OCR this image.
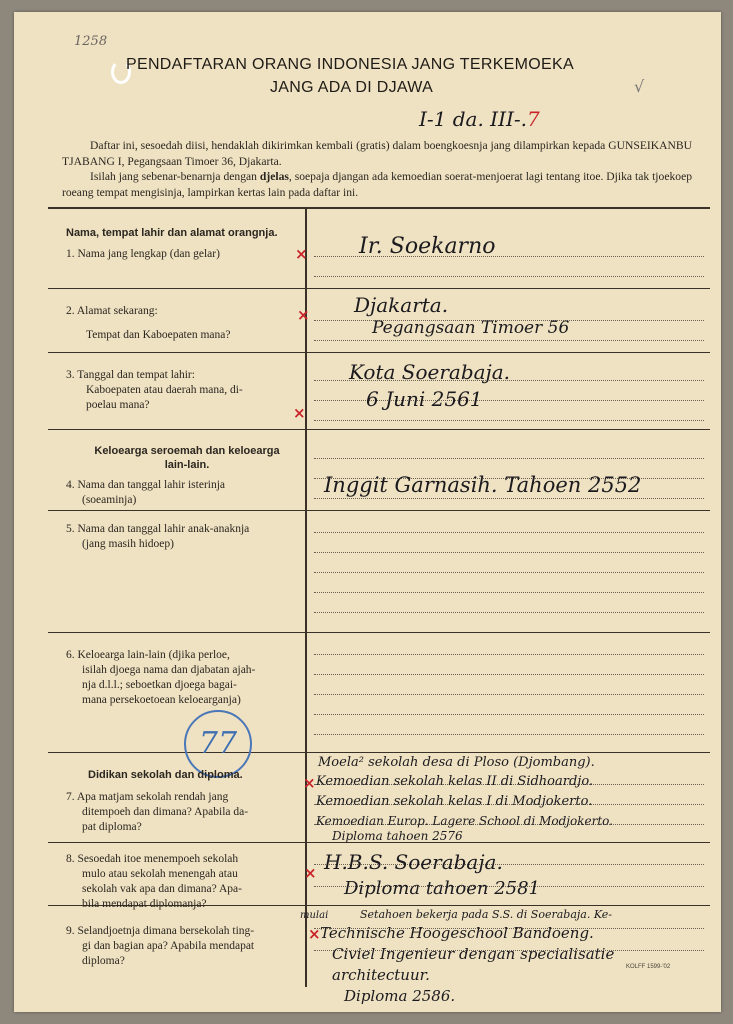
1258
PENDAFTARAN ORANG INDONESIA JANG TERKEMOEKA
JANG ADA DI DJAWA
I-1 da. III-.7
√
Daftar ini, sesoedah diisi, hendaklah dikirimkan kembali (gratis) dalam boengkoesnja jang dilampirkan kepada GUNSEIKANBU TJABANG I, Pegangsaan Timoer 36, Djakarta.
Isilah jang sebenar-benarnja dengan djelas, soepaja djangan ada kemoedian soerat-menjoerat lagi tentang itoe. Djika tak tjoekoep roeang tempat mengisinja, lampirkan kertas lain pada daftar ini.
Nama, tempat lahir dan alamat orangnja.
1. Nama jang lengkap (dan gelar)
2. Alamat sekarang:
Tempat dan Kaboepaten mana?
3. Tanggal dan tempat lahir:
Kaboepaten atau daerah mana, di-
poelau mana?
Keloearga seroemah dan keloearga
lain-lain.
4. Nama dan tanggal lahir isterinja
(soeaminja)
5. Nama dan tanggal lahir anak-anaknja
(jang masih hidoep)
6. Keloearga lain-lain (djika perloe,
isilah djoega nama dan djabatan ajah-
nja d.l.l.; seboetkan djoega bagai-
mana persekoetoean keloearganja)
77
Didikan sekolah dan diploma.
7. Apa matjam sekolah rendah jang
ditempoeh dan dimana? Apabila da-
pat diploma?
8. Sesoedah itoe menempoeh sekolah
mulo atau sekolah menengah atau
sekolah vak apa dan dimana? Apa-
bila mendapat diplomanja?
9. Selandjoetnja dimana bersekolah ting-
gi dan bagian apa? Apabila mendapat
diploma?
×
×
×
×
×
×
Ir. Soekarno
Djakarta.
Pegangsaan Timoer 56
Kota Soerabaja.
6 Juni 2561
Inggit Garnasih. Tahoen 2552
Moela² sekolah desa di Ploso (Djombang).
Kemoedian sekolah kelas II di Sidhoardjo.
Kemoedian sekolah kelas I di Modjokerto.
Kemoedian Europ. Lagere School di Modjokerto.
Diploma tahoen 2576
H.B.S. Soerabaja.
Diploma tahoen 2581
mulai	Setahoen bekerja pada S.S. di Soerabaja. Ke-
Technische Hoogeschool Bandoeng.
Civiel Ingenieur dengan specialisatie
architectuur.
Diploma 2586.
KOLFF 1599-'02
